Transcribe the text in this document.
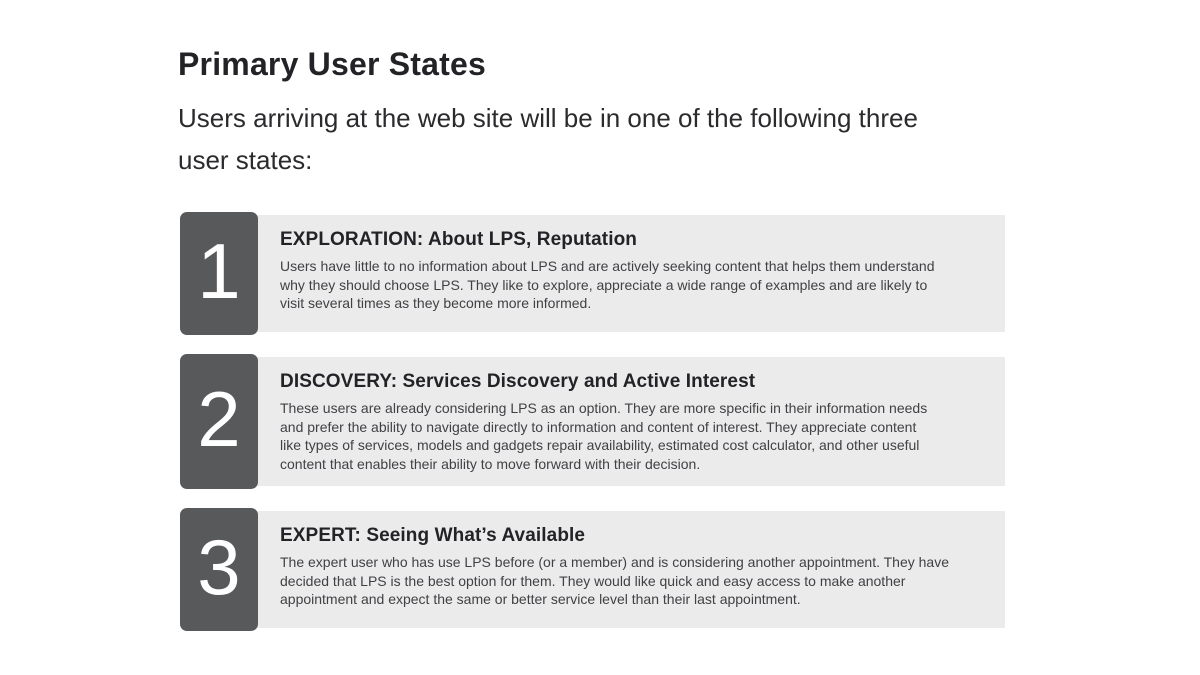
Primary User States

Users arriving at the web site will be in one of the following three
user states:

1 EXPLORATION: About LPS, Reputation
Users have little to no information about LPS and are actively seeking content that helps them understand
why they should choose LPS. They like to explore, appreciate a wide range of examples and are likely to
visit several times as they become more informed.
2 DISCOVERY: Services Discovery and Active Interest
These users are already considering LPS as an option. They are more specific in their information needs
and prefer the ability to navigate directly to information and content of interest. They appreciate content
like types of services, models and gadgets repair availability, estimated cost calculator, and other useful
content that enables their ability to move forward with their decision.
3 EXPERT: Seeing What’s Available
The expert user who has use LPS before (or a member) and is considering another appointment. They have
decided that LPS is the best option for them. They would like quick and easy access to make another
appointment and expect the same or better service level than their last appointment.
